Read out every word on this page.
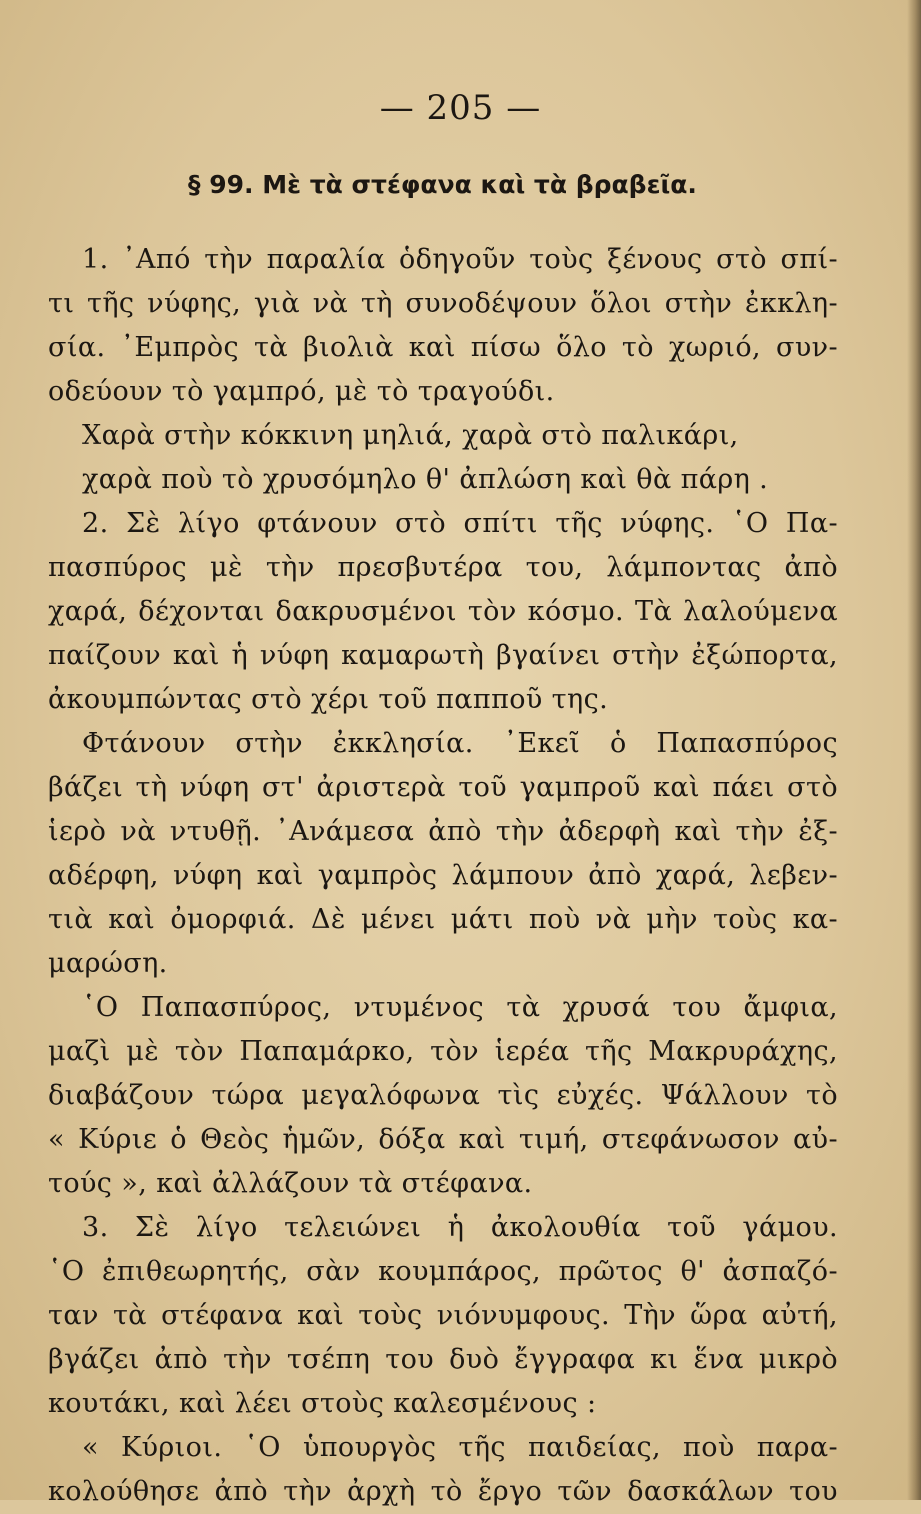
— 205 —
§ 99. Μὲ τὰ στέφανα καὶ τὰ βραβεῖα.
1. ᾿Από τὴν παραλία ὁδηγοῦν τοὺς ξένους στὸ σπί-
τι τῆς νύφης, γιὰ νὰ τὴ συνοδέψουν ὅλοι στὴν ἐκκλη-
σία. ᾿Εμπρὸς τὰ βιολιὰ καὶ πίσω ὅλο τὸ χωριό, συν-
οδεύουν τὸ γαμπρό, μὲ τὸ τραγούδι.
Χαρὰ στὴν κόκκινη μηλιά, χαρὰ στὸ παλικάρι,
χαρὰ ποὺ τὸ χρυσόμηλο θ' ἀπλώση καὶ θὰ πάρη .
2. Σὲ λίγο φτάνουν στὸ σπίτι τῆς νύφης. ῾Ο Πα-
πασπύρος μὲ τὴν πρεσβυτέρα του, λάμποντας ἀπὸ
χαρά, δέχονται δακρυσμένοι τὸν κόσμο. Τὰ λαλούμενα
παίζουν καὶ ἡ νύφη καμαρωτὴ βγαίνει στὴν ἐξώπορτα,
ἀκουμπώντας στὸ χέρι τοῦ παπποῦ της.
Φτάνουν στὴν ἐκκλησία. ᾿Εκεῖ ὁ Παπασπύρος
βάζει τὴ νύφη στ' ἀριστερὰ τοῦ γαμπροῦ καὶ πάει στὸ
ἱερὸ νὰ ντυθῇ. ᾿Ανάμεσα ἀπὸ τὴν ἀδερφὴ καὶ τὴν ἐξ-
αδέρφη, νύφη καὶ γαμπρὸς λάμπουν ἀπὸ χαρά, λεβεν-
τιὰ καὶ ὀμορφιά. Δὲ μένει μάτι ποὺ νὰ μὴν τοὺς κα-
μαρώση.
῾Ο Παπασπύρος, ντυμένος τὰ χρυσά του ἄμφια,
μαζὶ μὲ τὸν Παπαμάρκο, τὸν ἱερέα τῆς Μακρυράχης,
διαβάζουν τώρα μεγαλόφωνα τὶς εὐχές. Ψάλλουν τὸ
« Κύριε ὁ Θεὸς ἡμῶν, δόξα καὶ τιμή, στεφάνωσον αὐ-
τούς », καὶ ἀλλάζουν τὰ στέφανα.
3. Σὲ λίγο τελειώνει ἡ ἀκολουθία τοῦ γάμου.
῾Ο ἐπιθεωρητής, σὰν κουμπάρος, πρῶτος θ' ἀσπαζό-
ταν τὰ στέφανα καὶ τοὺς νιόνυμφους. Τὴν ὥρα αὐτή,
βγάζει ἀπὸ τὴν τσέπη του δυὸ ἔγγραφα κι ἕνα μικρὸ
κουτάκι, καὶ λέει στοὺς καλεσμένους :
« Κύριοι. ῾Ο ὑπουργὸς τῆς παιδείας, ποὺ παρα-
κολούθησε ἀπὸ τὴν ἀρχὴ τὸ ἔργο τῶν δασκάλων του
